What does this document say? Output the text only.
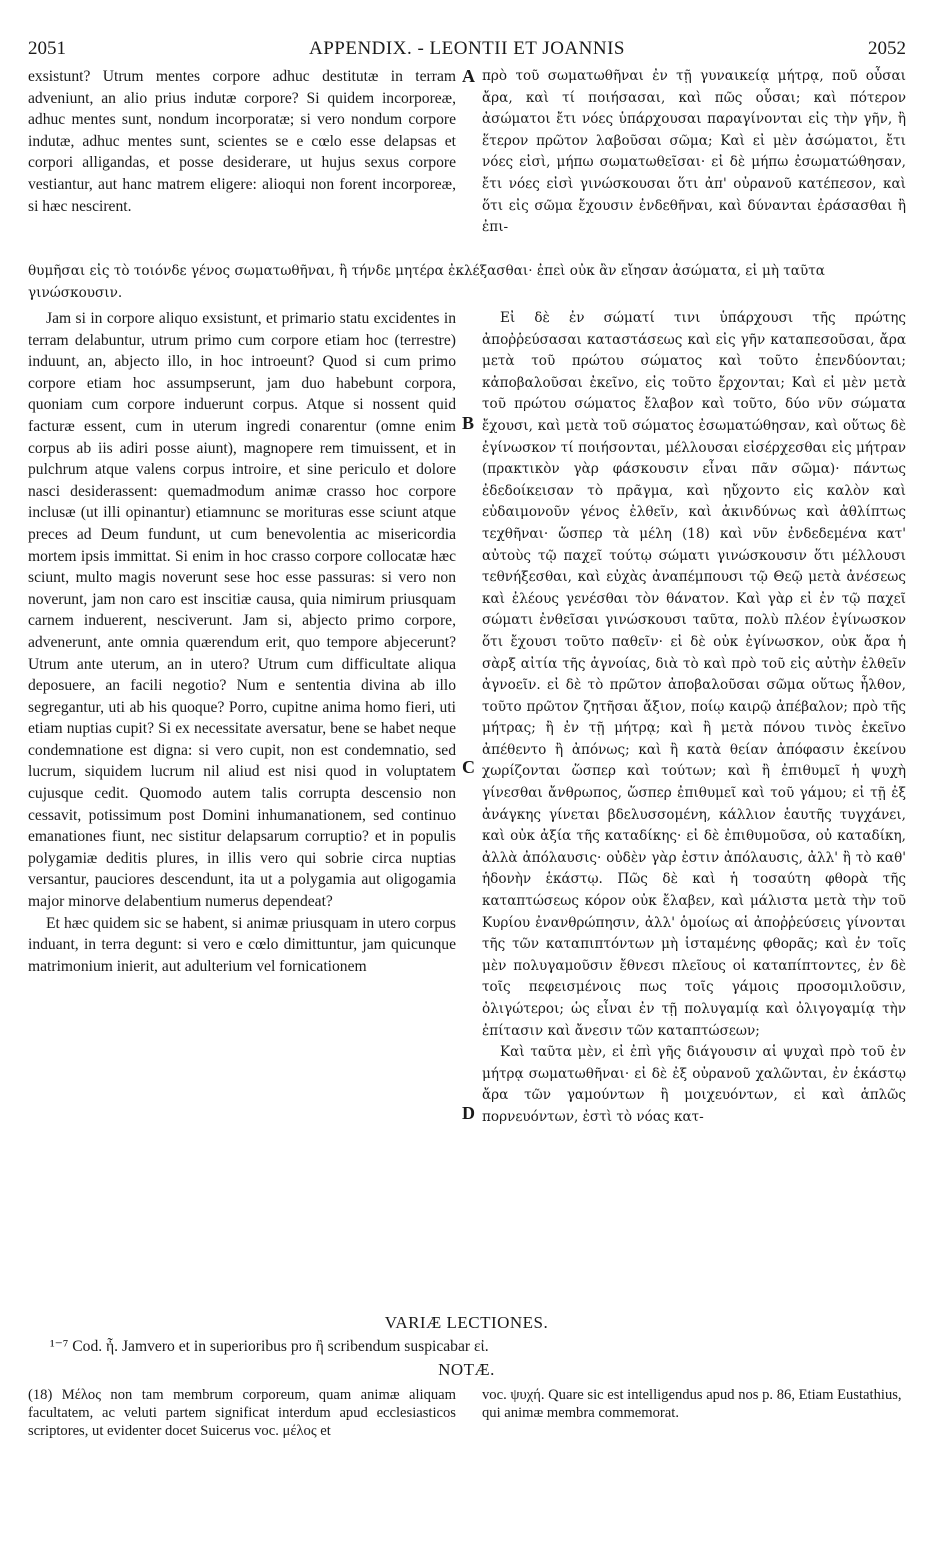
2051	APPENDIX. - LEONTII ET JOANNIS	2052

exsistunt? Utrum mentes corpore adhuc destitutæ in terram adveniunt, an alio prius indutæ corpore? Si quidem incorporeæ, adhuc mentes sunt, nondum incorporatæ; si vero nondum corpore indutæ, adhuc mentes sunt, scientes se e cœlo esse delapsas et corpori alligandas, et posse desiderare, ut hujus sexus corpore vestiantur, aut hanc matrem eligere: alioqui non forent incorporeæ, si hæc nescirent.

πρὸ τοῦ σωματωθῆναι ἐν τῇ γυναικείᾳ μήτρᾳ, ποῦ οὖσαι ἄρα, καὶ τί ποιήσασαι, καὶ πῶς οὖσαι; καὶ πότερον ἀσώματοι ἔτι νόες ὑπάρχουσαι παραγίνονται εἰς τὴν γῆν, ἢ ἕτερον πρῶτον λαβοῦσαι σῶμα; Καὶ εἰ μὲν ἀσώματοι, ἔτι νόες εἰσὶ, μήπω σωματωθεῖσαι· εἰ δὲ μήπω ἐσωματώθησαν, ἔτι νόες εἰσὶ γινώσκουσαι ὅτι ἀπ' οὐρανοῦ κατέπεσον, καὶ ὅτι εἰς σῶμα ἔχουσιν ἐνδεθῆναι, καὶ δύνανται ἐράσασθαι ἢ ἐπι-

A

θυμῆσαι εἰς τὸ τοιόνδε γένος σωματωθῆναι, ἢ τήνδε μητέρα ἐκλέξασθαι· ἐπεὶ οὐκ ἂν εἴησαν ἀσώματα, εἰ μὴ ταῦτα γινώσκουσιν.

Jam si in corpore aliquo exsistunt, et primario statu excidentes in terram delabuntur, utrum primo cum corpore etiam hoc (terrestre) induunt, an, abjecto illo, in hoc introeunt? Quod si cum primo corpore etiam hoc assumpserunt, jam duo habebunt corpora, quoniam cum corpore induerunt corpus. Atque si nossent quid facturæ essent, cum in uterum ingredi conarentur (omne enim corpus ab iis adiri posse aiunt), magnopere rem timuissent, et in pulchrum atque valens corpus introire, et sine periculo et dolore nasci desiderassent: quemadmodum animæ crasso hoc corpore inclusæ (ut illi opinantur) etiamnunc se morituras esse sciunt atque preces ad Deum fundunt, ut cum benevolentia ac misericordia mortem ipsis immittat. Si enim in hoc crasso corpore collocatæ hæc sciunt, multo magis noverunt sese hoc esse passuras: si vero non noverunt, jam non caro est inscitiæ causa, quia nimirum priusquam carnem induerent, nesciverunt. Jam si, abjecto primo corpore, advenerunt, ante omnia quærendum erit, quo tempore abjecerunt? Utrum ante uterum, an in utero? Utrum cum difficultate aliqua deposuere, an facili negotio? Num e sententia divina ab illo segregantur, uti ab his quoque? Porro, cupitne anima homo fieri, uti etiam nuptias cupit? Si ex necessitate aversatur, bene se habet neque condemnatione est digna: si vero cupit, non est condemnatio, sed lucrum, siquidem lucrum nil aliud est nisi quod in voluptatem cujusque cedit. Quomodo autem talis corrupta descensio non cessavit, potissimum post Domini inhumanationem, sed continuo emanationes fiunt, nec sistitur delapsarum corruptio? et in populis polygamiæ deditis plures, in illis vero qui sobrie circa nuptias versantur, pauciores descendunt, ita ut a polygamia aut oligogamia major minorve delabentium numerus dependeat?

Et hæc quidem sic se habent, si animæ priusquam in utero corpus induant, in terra degunt: si vero e cœlo dimittuntur, jam quicunque matrimonium inierit, aut adulterium vel fornicationem

Εἰ δὲ ἐν σώματί τινι ὑπάρχουσι τῆς πρώτης ἀποῤῥεύσασαι καταστάσεως καὶ εἰς γῆν καταπεσοῦσαι, ἄρα μετὰ τοῦ πρώτου σώματος καὶ τοῦτο ἐπενδύονται; κἀποβαλοῦσαι ἐκεῖνο, εἰς τοῦτο ἔρχονται; Καὶ εἰ μὲν μετὰ τοῦ πρώτου σώματος ἔλαβον καὶ τοῦτο, δύο νῦν σώματα ἔχουσι, καὶ μετὰ τοῦ σώματος ἐσωματώθησαν, καὶ οὕτως δὲ ἐγίνωσκον τί ποιήσονται, μέλλουσαι εἰσέρχεσθαι εἰς μήτραν (πρακτικὸν γὰρ φάσκουσιν εἶναι πᾶν σῶμα)· πάντως ἐδεδοίκεισαν τὸ πρᾶγμα, καὶ ηὔχοντο εἰς καλὸν καὶ εὐδαιμονοῦν γένος ἐλθεῖν, καὶ ἀκινδύνως καὶ ἀθλίπτως τεχθῆναι· ὥσπερ τὰ μέλη (18) καὶ νῦν ἐνδεδεμένα κατ' αὐτοὺς τῷ παχεῖ τούτῳ σώματι γινώσκουσιν ὅτι μέλλουσι τεθνήξεσθαι, καὶ εὐχὰς ἀναπέμπουσι τῷ Θεῷ μετὰ ἀνέσεως καὶ ἐλέους γενέσθαι τὸν θάνατον. Καὶ γὰρ εἰ ἐν τῷ παχεῖ σώματι ἐνθεῖσαι γινώσκουσι ταῦτα, πολὺ πλέον ἐγίνωσκον ὅτι ἔχουσι τοῦτο παθεῖν· εἰ δὲ οὐκ ἐγίνωσκον, οὐκ ἄρα ἡ σὰρξ αἰτία τῆς ἀγνοίας, διὰ τὸ καὶ πρὸ τοῦ εἰς αὐτὴν ἐλθεῖν ἀγνοεῖν. εἰ δὲ τὸ πρῶτον ἀποβαλοῦσαι σῶμα οὕτως ἦλθον, τοῦτο πρῶτον ζητῆσαι ἄξιον, ποίῳ καιρῷ ἀπέβαλον; πρὸ τῆς μήτρας; ἢ ἐν τῇ μήτρᾳ; καὶ ἢ μετὰ πόνου τινὸς ἐκεῖνο ἀπέθεντο ἢ ἀπόνως; καὶ ἢ κατὰ θείαν ἀπόφασιν ἐκείνου χωρίζονται ὥσπερ καὶ τούτων; καὶ ἢ ἐπιθυμεῖ ἡ ψυχὴ γίνεσθαι ἄνθρωπος, ὥσπερ ἐπιθυμεῖ καὶ τοῦ γάμου; εἰ τῇ ἐξ ἀνάγκης γίνεται βδελυσσομένη, κάλλιον ἑαυτῆς τυγχάνει, καὶ οὐκ ἀξία τῆς καταδίκης· εἰ δὲ ἐπιθυμοῦσα, οὐ καταδίκη, ἀλλὰ ἀπόλαυσις· οὐδὲν γὰρ ἐστιν ἀπόλαυσις, ἀλλ' ἢ τὸ καθ' ἡδονὴν ἑκάστῳ. Πῶς δὲ καὶ ἡ τοσαύτη φθορὰ τῆς καταπτώσεως κόρον οὐκ ἔλαβεν, καὶ μάλιστα μετὰ τὴν τοῦ Κυρίου ἐνανθρώπησιν, ἀλλ' ὁμοίως αἱ ἀποῤῥεύσεις γίνονται τῆς τῶν καταπιπτόντων μὴ ἱσταμένης φθορᾶς; καὶ ἐν τοῖς μὲν πολυγαμοῦσιν ἔθνεσι πλεῖους οἱ καταπίπτοντες, ἐν δὲ τοῖς πεφεισμένοις πως τοῖς γάμοις προσομιλοῦσιν, ὀλιγώτεροι; ὡς εἶναι ἐν τῇ πολυγαμίᾳ καὶ ὀλιγογαμίᾳ τὴν ἐπίτασιν καὶ ἄνεσιν τῶν καταπτώσεων;

Καὶ ταῦτα μὲν, εἰ ἐπὶ γῆς διάγουσιν αἱ ψυχαὶ πρὸ τοῦ ἐν μήτρᾳ σωματωθῆναι· εἰ δὲ ἐξ οὐρανοῦ χαλῶνται, ἐν ἑκάστῳ ἄρα τῶν γαμούντων ἢ μοιχευόντων, εἰ καὶ ἁπλῶς πορνευόντων, ἐστὶ τὸ νόας κατ-

B
C
D
VARIÆ LECTIONES.
¹⁻⁷ Cod. ἦ. Jamvero et in superioribus pro ἢ scribendum suspicabar εἰ.
NOTÆ.

(18) Μέλος non tam membrum corporeum, quam animæ aliquam facultatem, ac veluti partem significat interdum apud ecclesiasticos scriptores, ut evidenter docet Suicerus voc. μέλος et

voc. ψυχή. Quare sic est intelligendus apud nos p. 86, Etiam Eustathius, qui animæ membra commemorat.
